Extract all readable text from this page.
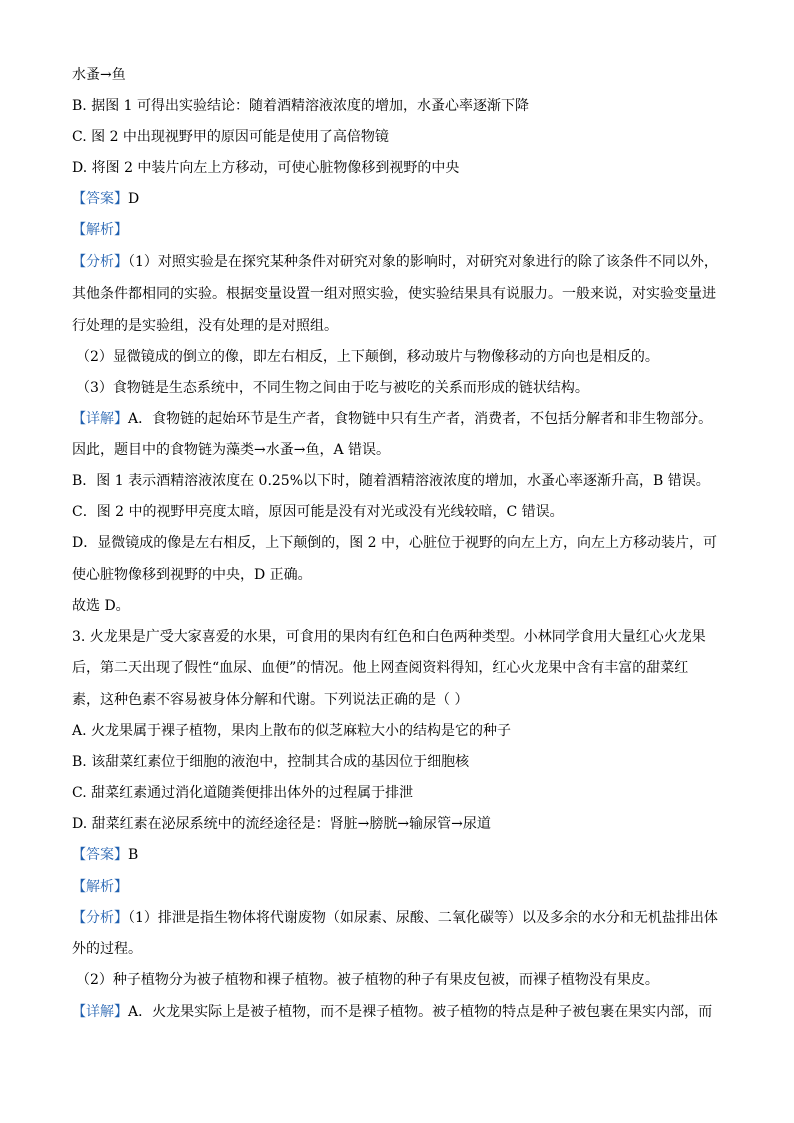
水蚤→鱼
B. 据图 1 可得出实验结论：随着酒精溶液浓度的增加，水蚤心率逐渐下降
C. 图 2 中出现视野甲的原因可能是使用了高倍物镜
D. 将图 2 中装片向左上方移动，可使心脏物像移到视野的中央
【答案】D
【解析】
【分析】（1）对照实验是在探究某种条件对研究对象的影响时，对研究对象进行的除了该条件不同以外，
其他条件都相同的实验。根据变量设置一组对照实验，使实验结果具有说服力。一般来说，对实验变量进
行处理的是实验组，没有处理的是对照组。
（2）显微镜成的倒立的像，即左右相反，上下颠倒，移动玻片与物像移动的方向也是相反的。
（3）食物链是生态系统中，不同生物之间由于吃与被吃的关系而形成的链状结构。
【详解】A．食物链的起始环节是生产者，食物链中只有生产者，消费者，不包括分解者和非生物部分。
因此，题目中的食物链为藻类→水蚤→鱼，A 错误。
B．图 1 表示酒精溶液浓度在 0.25%以下时，随着酒精溶液浓度的增加，水蚤心率逐渐升高，B 错误。
C．图 2 中的视野甲亮度太暗，原因可能是没有对光或没有光线较暗，C 错误。
D．显微镜成的像是左右相反，上下颠倒的，图 2 中，心脏位于视野的向左上方，向左上方移动装片，可
使心脏物像移到视野的中央，D 正确。
故选 D。
3. 火龙果是广受大家喜爱的水果，可食用的果肉有红色和白色两种类型。小林同学食用大量红心火龙果
后，第二天出现了假性“血尿、血便”的情况。他上网查阅资料得知，红心火龙果中含有丰富的甜菜红
素，这种色素不容易被身体分解和代谢。下列说法正确的是（ ）
A. 火龙果属于裸子植物，果肉上散布的似芝麻粒大小的结构是它的种子
B. 该甜菜红素位于细胞的液泡中，控制其合成的基因位于细胞核
C. 甜菜红素通过消化道随粪便排出体外的过程属于排泄
D. 甜菜红素在泌尿系统中的流经途径是：肾脏→膀胱→输尿管→尿道
【答案】B
【解析】
【分析】（1）排泄是指生物体将代谢废物（如尿素、尿酸、二氧化碳等）以及多余的水分和无机盐排出体
外的过程。
（2）种子植物分为被子植物和裸子植物。被子植物的种子有果皮包被，而裸子植物没有果皮。
【详解】A．火龙果实际上是被子植物，而不是裸子植物。被子植物的特点是种子被包裹在果实内部，而
